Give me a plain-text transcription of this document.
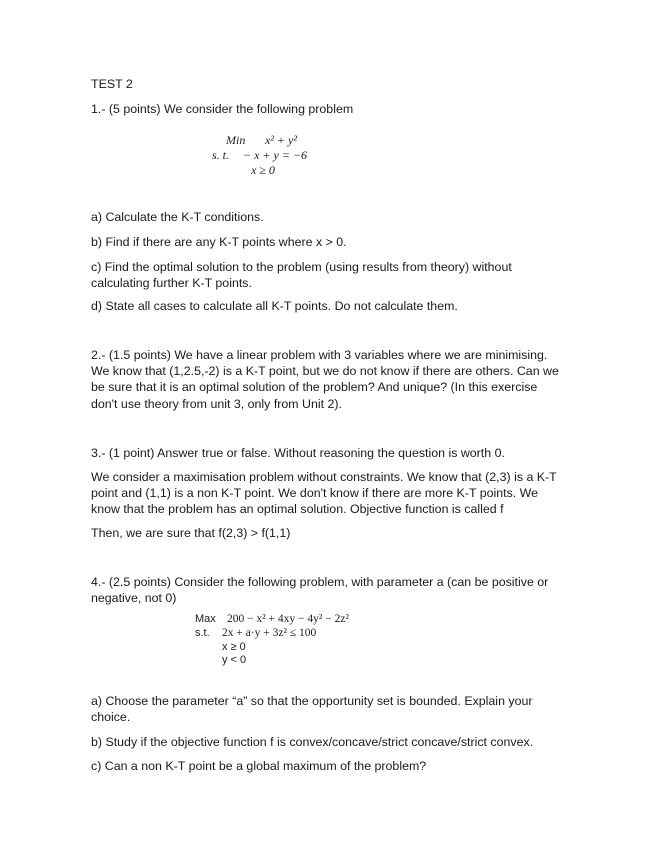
TEST 2
1.- (5 points) We consider the following problem
Min x² + y²
s. t. − x + y = −6
x ≥ 0
a) Calculate the K-T conditions.
b) Find if there are any K-T points where x > 0.
c) Find the optimal solution to the problem (using results from theory) without calculating further K-T points.
d) State all cases to calculate all K-T points. Do not calculate them.
2.- (1.5 points) We have a linear problem with 3 variables where we are minimising. We know that (1,2.5,-2) is a K-T point, but we do not know if there are others. Can we be sure that it is an optimal solution of the problem? And unique? (In this exercise don't use theory from unit 3, only from Unit 2).
3.- (1 point) Answer true or false. Without reasoning the question is worth 0.
We consider a maximisation problem without constraints. We know that (2,3) is a K-T point and (1,1) is a non K-T point. We don't know if there are more K-T points. We know that the problem has an optimal solution. Objective function is called f
Then, we are sure that f(2,3) > f(1,1)
4.- (2.5 points) Consider the following problem, with parameter a (can be positive or negative, not 0)
Max 200 − x² + 4xy − 4y² − 2z²
s.t. 2x + a·y + 3z² ≤ 100
x ≥ 0
y < 0
a) Choose the parameter “a” so that the opportunity set is bounded. Explain your choice.
b) Study if the objective function f is convex/concave/strict concave/strict convex.
c) Can a non K-T point be a global maximum of the problem?
